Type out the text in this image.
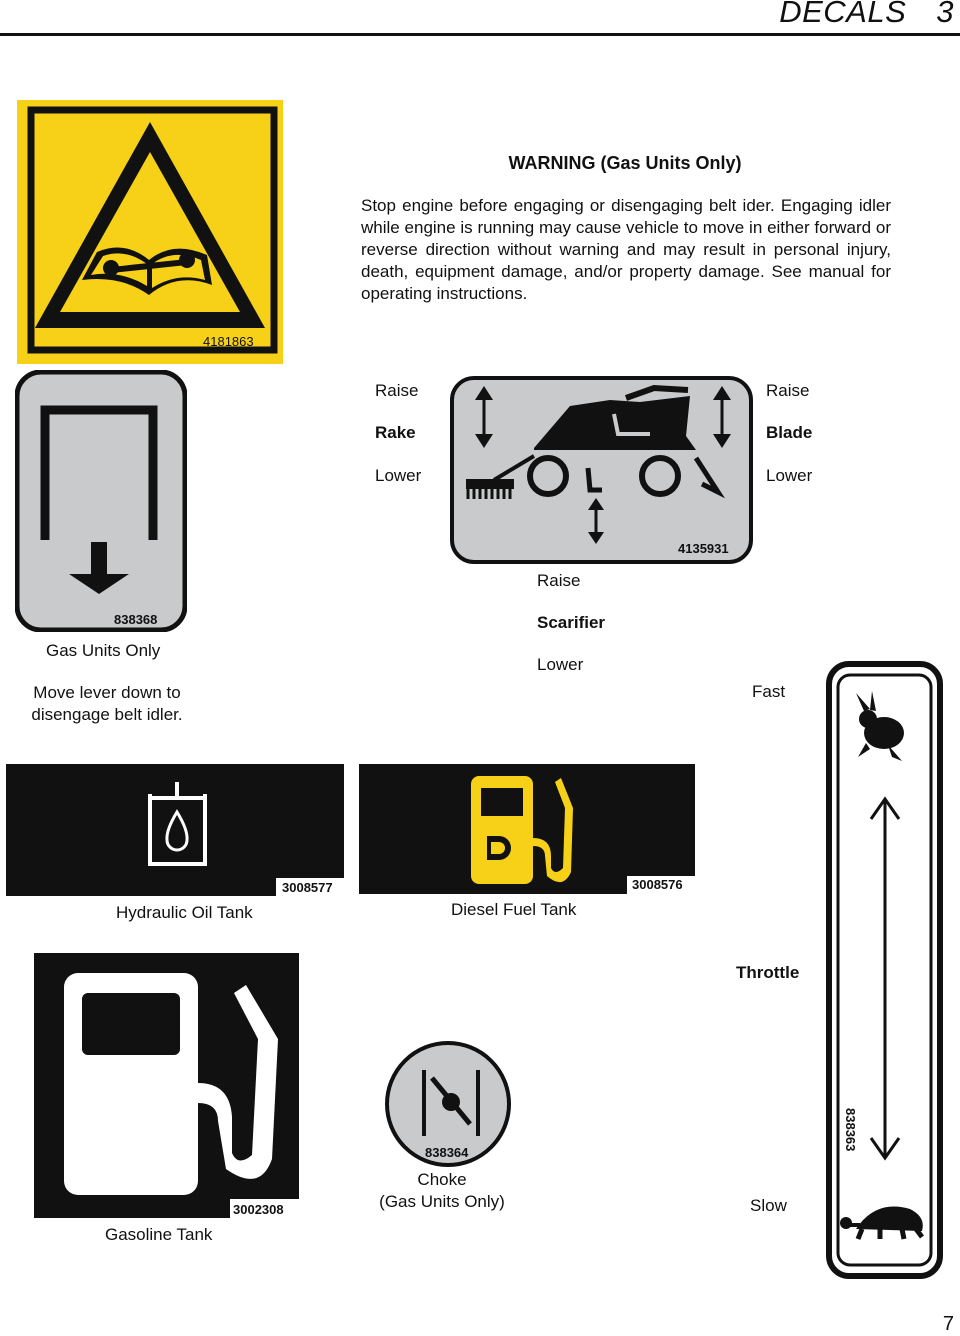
DECALS 3
4181863
WARNING (Gas Units Only)
Stop engine before engaging or disengaging belt ider. Engaging idler while engine is running may cause vehicle to move in either forward or reverse direction without warning and may result in personal injury, death, equipment damage, and/or property damage. See manual for operating instructions.
838368
Gas Units Only
Move lever down to
disengage belt idler.
4135931
Raise
Rake
Lower
Raise
Blade
Lower
Raise
Scarifier
Lower
3008577
Hydraulic Oil Tank
3008576
Diesel Fuel Tank
Fast
Throttle
Slow
838363
3002308
Gasoline Tank
838364
Choke
(Gas Units Only)
7
